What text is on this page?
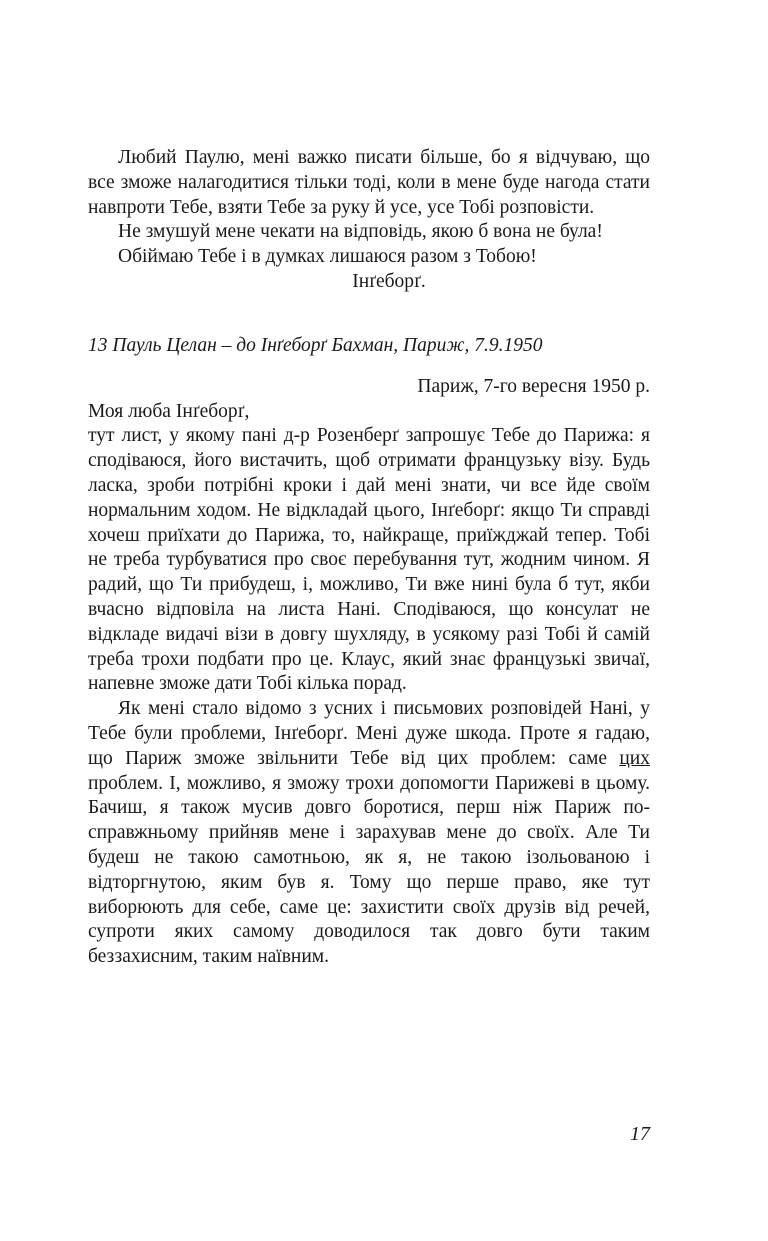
Любий Паулю, мені важко писати більше, бо я відчуваю, що все зможе налагодитися тільки тоді, коли в мене буде нагода стати навпроти Тебе, взяти Тебе за руку й усе, усе Тобі розповісти.

Не змушуй мене чекати на відповідь, якою б вона не була!

Обіймаю Тебе і в думках лишаюся разом з Тобою!

Інґеборґ.

13 Пауль Целан – до Інґеборґ Бахман, Париж, 7.9.1950

Париж, 7-го вересня 1950 р.

Моя люба Інґеборґ,

тут лист, у якому пані д-р Розенберґ запрошує Тебе до Парижа: я сподіваюся, його вистачить, щоб отримати французьку візу. Будь ласка, зроби потрібні кроки і дай мені знати, чи все йде своїм нормальним ходом. Не відкладай цього, Інґеборґ: якщо Ти справді хочеш приїхати до Парижа, то, найкраще, приїжджай тепер. Тобі не треба турбуватися про своє перебування тут, жодним чином. Я радий, що Ти прибудеш, і, можливо, Ти вже нині була б тут, якби вчасно відповіла на листа Нані. Сподіваюся, що консулат не відкладе видачі візи в довгу шухляду, в усякому разі Тобі й самій треба трохи подбати про це. Клаус, який знає французькі звичаї, напевне зможе дати Тобі кілька порад.

Як мені стало відомо з усних і письмових розповідей Нані, у Тебе були проблеми, Інґеборґ. Мені дуже шкода. Проте я гадаю, що Париж зможе звільнити Тебе від цих проблем: саме цих проблем. І, можливо, я зможу трохи допомогти Парижеві в цьому. Бачиш, я також мусив довго боротися, перш ніж Париж по-справжньому прийняв мене і зарахував мене до своїх. Але Ти будеш не такою самотньою, як я, не такою ізольованою і відторгнутою, яким був я. Тому що перше право, яке тут виборюють для себе, саме це: захистити своїх друзів від речей, супроти яких самому доводилося так довго бути таким беззахисним, таким наївним.

17
